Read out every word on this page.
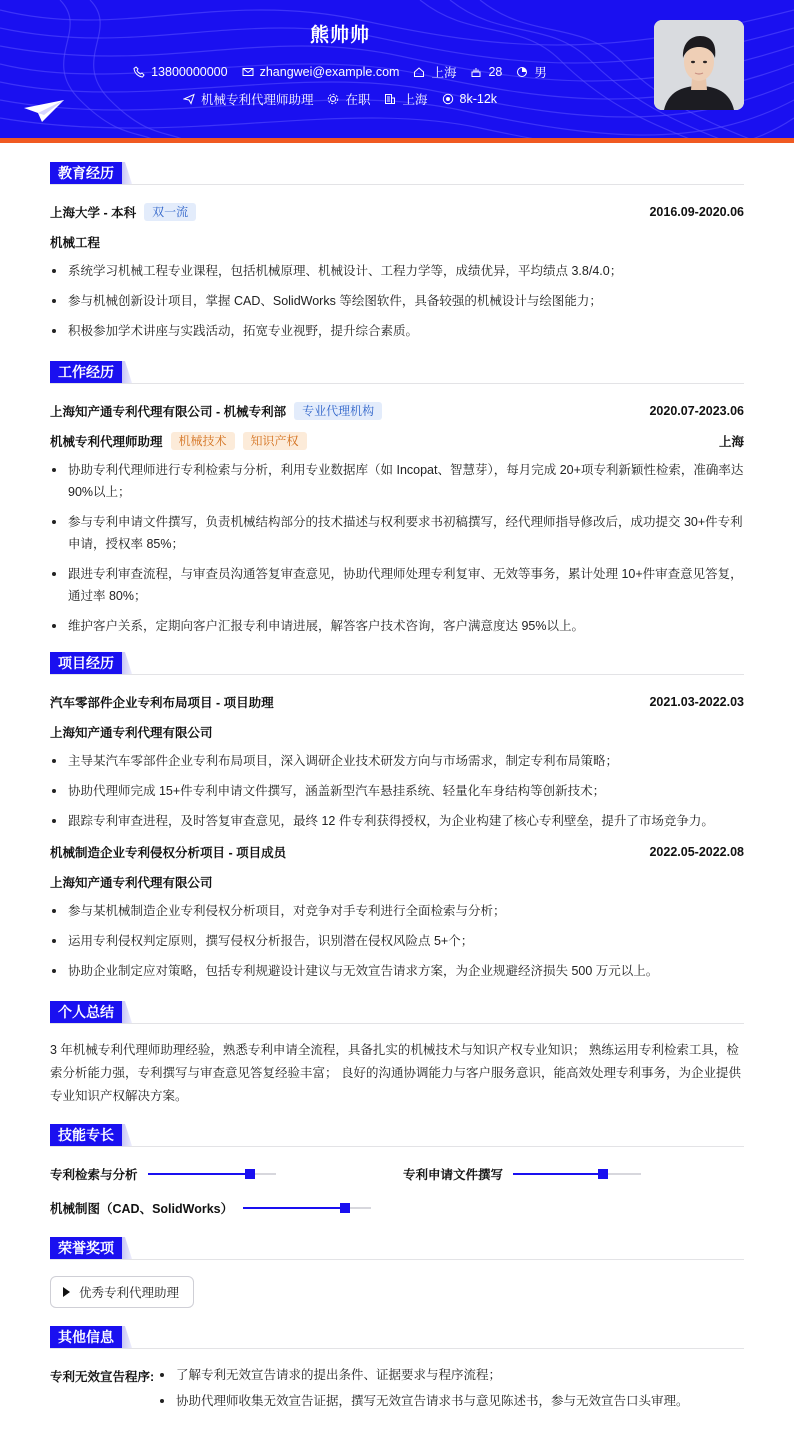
熊帅帅
13800000000	zhangwei@example.com	上海	28	男
机械专利代理师助理	在职	上海	8k-12k
教育经历
上海大学 - 本科	双一流	2016.09-2020.06
机械工程
系统学习机械工程专业课程，包括机械原理、机械设计、工程力学等，成绩优异，平均绩点 3.8/4.0；
参与机械创新设计项目，掌握 CAD、SolidWorks 等绘图软件，具备较强的机械设计与绘图能力；
积极参加学术讲座与实践活动，拓宽专业视野，提升综合素质。
工作经历
上海知产通专利代理有限公司 - 机械专利部	专业代理机构	2020.07-2023.06
机械专利代理师助理	机械技术	知识产权	上海
协助专利代理师进行专利检索与分析，利用专业数据库（如 Incopat、智慧芽），每月完成 20+项专利新颖性检索，准确率达 90%以上；
参与专利申请文件撰写，负责机械结构部分的技术描述与权利要求书初稿撰写，经代理师指导修改后，成功提交 30+件专利申请，授权率 85%；
跟进专利审查流程，与审查员沟通答复审查意见，协助代理师处理专利复审、无效等事务，累计处理 10+件审查意见答复，通过率 80%；
维护客户关系，定期向客户汇报专利申请进展，解答客户技术咨询，客户满意度达 95%以上。
项目经历
汽车零部件企业专利布局项目 - 项目助理	2021.03-2022.03
上海知产通专利代理有限公司
主导某汽车零部件企业专利布局项目，深入调研企业技术研发方向与市场需求，制定专利布局策略；
协助代理师完成 15+件专利申请文件撰写，涵盖新型汽车悬挂系统、轻量化车身结构等创新技术；
跟踪专利审查进程，及时答复审查意见，最终 12 件专利获得授权，为企业构建了核心专利壁垒，提升了市场竞争力。
机械制造企业专利侵权分析项目 - 项目成员	2022.05-2022.08
上海知产通专利代理有限公司
参与某机械制造企业专利侵权分析项目，对竞争对手专利进行全面检索与分析；
运用专利侵权判定原则，撰写侵权分析报告，识别潜在侵权风险点 5+个；
协助企业制定应对策略，包括专利规避设计建议与无效宣告请求方案，为企业规避经济损失 500 万元以上。
个人总结
3 年机械专利代理师助理经验，熟悉专利申请全流程，具备扎实的机械技术与知识产权专业知识； 熟练运用专利检索工具，检索分析能力强，专利撰写与审查意见答复经验丰富； 良好的沟通协调能力与客户服务意识，能高效处理专利事务，为企业提供专业知识产权解决方案。
技能专长
专利检索与分析	专利申请文件撰写
机械制图（CAD、SolidWorks）
荣誉奖项
优秀专利代理助理
其他信息
专利无效宣告程序:	了解专利无效宣告请求的提出条件、证据要求与程序流程；
协助代理师收集无效宣告证据，撰写无效宣告请求书与意见陈述书，参与无效宣告口头审理。
